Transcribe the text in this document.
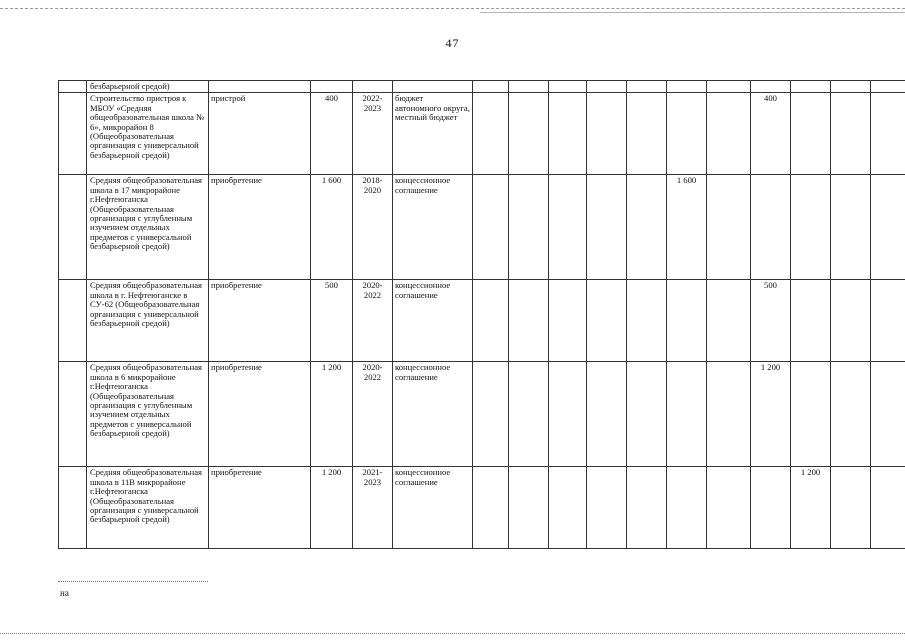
47
	безбарьерной средой)															
	Строительство пристроя к МБОУ «Средняя общеобразовательная школа № 6», микрорайон 8 (Общеобразовательная организация с универсальной безбарьерной средой)	пристрой	400	2022-2023	бюджет автономного округа, местный бюджет								400			
	Средняя общеобразовательная школа в 17 микрорайоне г.Нефтеюганска (Общеобразовательная организация с углубленным изучением отдельных предметов с универсальной безбарьерной средой)	приобретение	1 600	2018-2020	концессионное соглашение						1 600					
	Средняя общеобразовательная школа в г. Нефтеюганске в СУ-62 (Общеобразовательная организация с универсальной безбарьерной средой)	приобретение	500	2020-2022	концессионное соглашение								500			
	Средняя общеобразовательная школа в 6 микрорайоне г.Нефтеюганска (Общеобразовательная организация с углубленным изучением отдельных предметов с универсальной безбарьерной средой)	приобретение	1 200	2020-2022	концессионное соглашение								1 200			
	Средняя общеобразовательная школа в 11В микрорайоне г.Нефтеюганска (Общеобразовательная организация с универсальной безбарьерной средой)	приобретение	1 200	2021-2023	концессионное соглашение									1 200		
на
